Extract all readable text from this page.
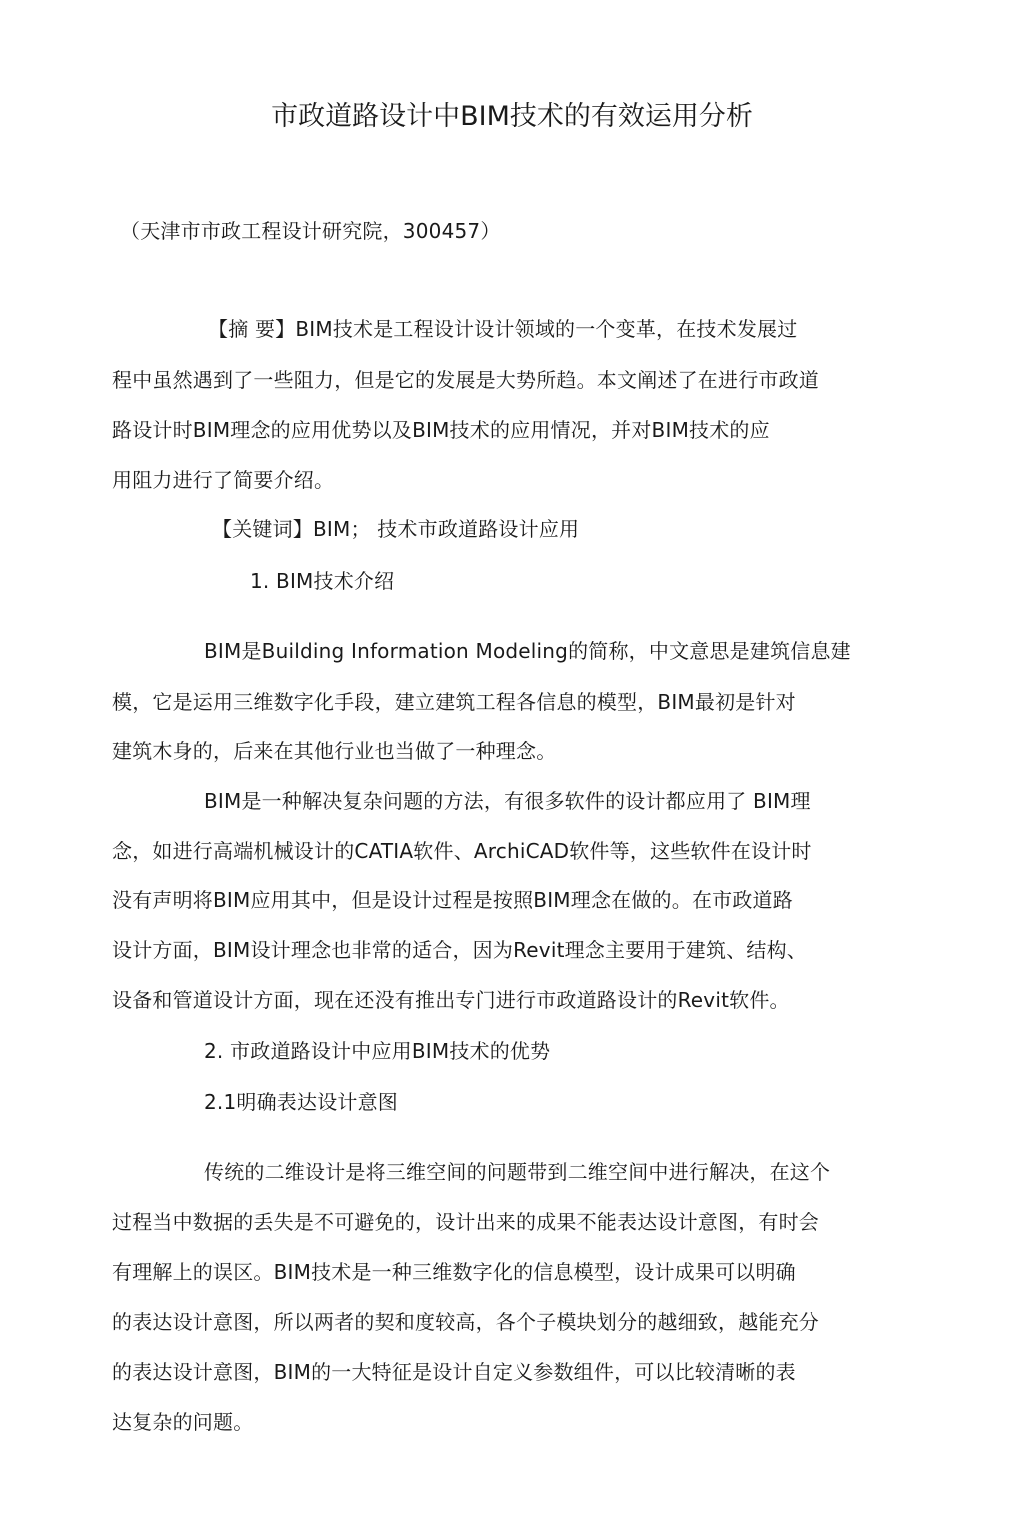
市政道路设计中BIM技术的有效运用分析
（天津市市政工程设计研究院，300457）
【摘 要】BIM技术是工程设计设计领域的一个变革，在技术发展过
程中虽然遇到了一些阻力，但是它的发展是大势所趋。本文阐述了在进行市政道
路设计时BIM理念的应用优势以及BIM技术的应用情况，并对BIM技术的应
用阻力进行了简要介绍。
【关键词】BIM； 技术市政道路设计应用
1. BIM技术介绍
BIM是Building Information Modeling的简称，中文意思是建筑信息建
模，它是运用三维数字化手段，建立建筑工程各信息的模型，BIM最初是针对
建筑木身的，后来在其他行业也当做了一种理念。
BIM是一种解决复杂问题的方法，有很多软件的设计都应用了 BIM理
念，如进行高端机械设计的CATIA软件、ArchiCAD软件等，这些软件在设计时
没有声明将BIM应用其中，但是设计过程是按照BIM理念在做的。在市政道路
设计方面，BIM设计理念也非常的适合，因为Revit理念主要用于建筑、结构、
设备和管道设计方面，现在还没有推出专门进行市政道路设计的Revit软件。
2. 市政道路设计中应用BIM技术的优势
2.1明确表达设计意图
传统的二维设计是将三维空间的问题带到二维空间中进行解决，在这个
过程当中数据的丢失是不可避免的，设计出来的成果不能表达设计意图，有时会
有理解上的误区。BIM技术是一种三维数字化的信息模型，设计成果可以明确
的表达设计意图，所以两者的契和度较高，各个子模块划分的越细致，越能充分
的表达设计意图，BIM的一大特征是设计自定义参数组件，可以比较清晰的表
达复杂的问题。
